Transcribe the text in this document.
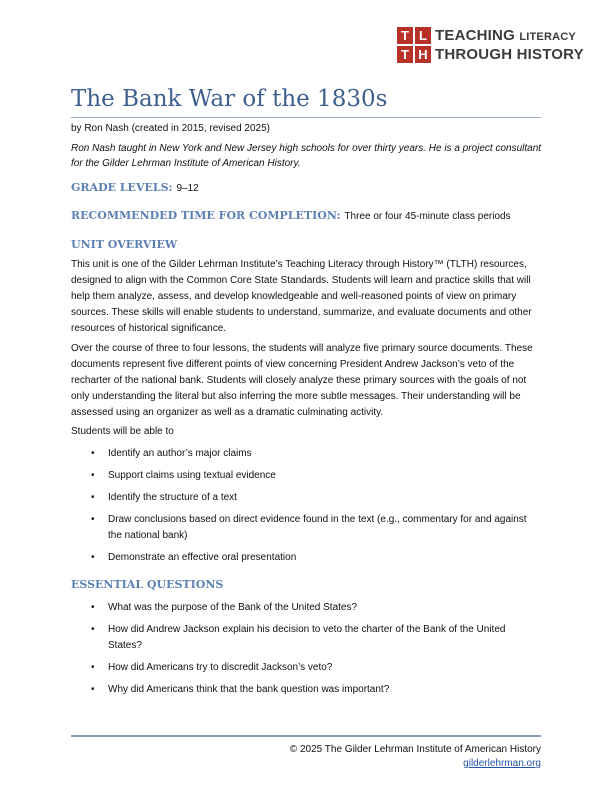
T L
T H
TEACHING LITERACY
THROUGH HISTORY
The Bank War of the 1830s
by Ron Nash (created in 2015, revised 2025)
Ron Nash taught in New York and New Jersey high schools for over thirty years. He is a project consultant for the Gilder Lehrman Institute of American History.
GRADE LEVELS: 9–12
RECOMMENDED TIME FOR COMPLETION: Three or four 45-minute class periods
UNIT OVERVIEW

This unit is one of the Gilder Lehrman Institute’s Teaching Literacy through History™ (TLTH) resources, designed to align with the Common Core State Standards. Students will learn and practice skills that will help them analyze, assess, and develop knowledgeable and well-reasoned points of view on primary sources. These skills will enable students to understand, summarize, and evaluate documents and other resources of historical significance.

Over the course of three to four lessons, the students will analyze five primary source documents. These documents represent five different points of view concerning President Andrew Jackson’s veto of the recharter of the national bank. Students will closely analyze these primary sources with the goals of not only understanding the literal but also inferring the more subtle messages. Their understanding will be assessed using an organizer as well as a dramatic culminating activity.

Students will be able to

• Identify an author’s major claims
• Support claims using textual evidence
• Identify the structure of a text
• Draw conclusions based on direct evidence found in the text (e.g., commentary for and against the national bank)
• Demonstrate an effective oral presentation
ESSENTIAL QUESTIONS
• What was the purpose of the Bank of the United States?
• How did Andrew Jackson explain his decision to veto the charter of the Bank of the United States?
• How did Americans try to discredit Jackson’s veto?
• Why did Americans think that the bank question was important?
© 2025 The Gilder Lehrman Institute of American History
gilderlehrman.org
